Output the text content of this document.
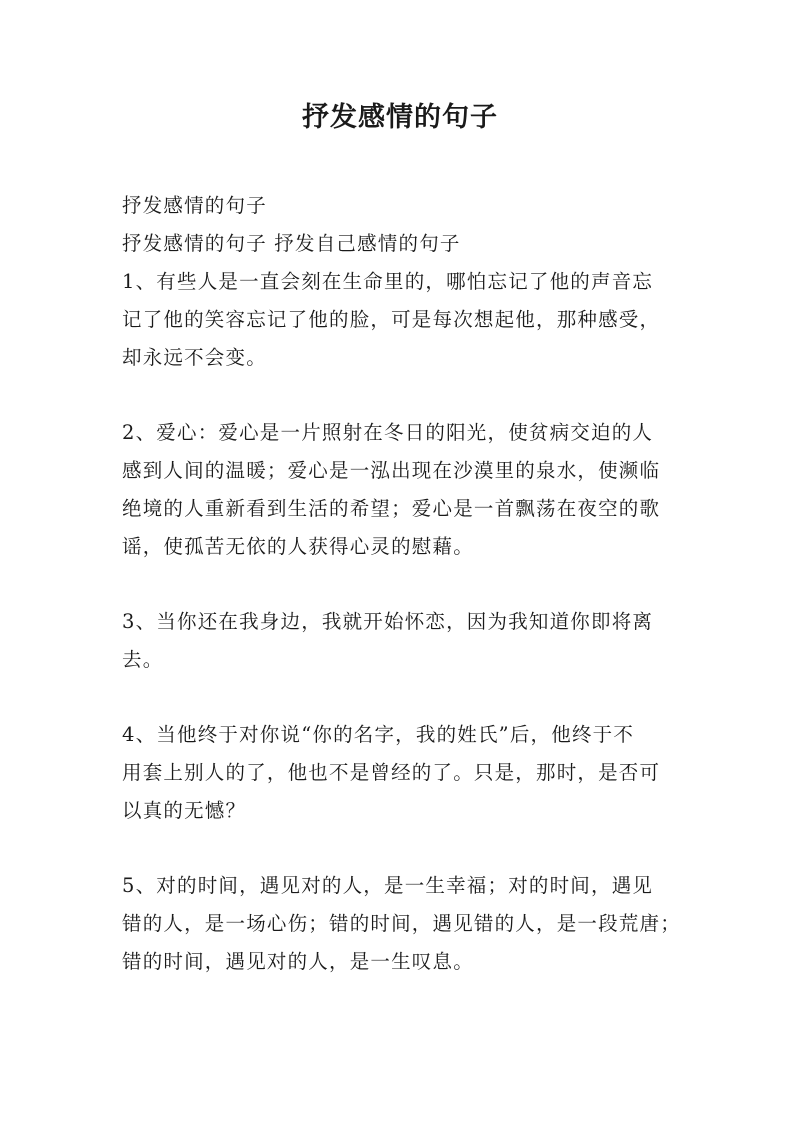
抒发感情的句子
抒发感情的句子
抒发感情的句子 抒发自己感情的句子
1、有些人是一直会刻在生命里的，哪怕忘记了他的声音忘
记了他的笑容忘记了他的脸，可是每次想起他，那种感受，
却永远不会变。
2、爱心：爱心是一片照射在冬日的阳光，使贫病交迫的人
感到人间的温暖；爱心是一泓出现在沙漠里的泉水，使濒临
绝境的人重新看到生活的希望；爱心是一首飘荡在夜空的歌
谣，使孤苦无依的人获得心灵的慰藉。
3、当你还在我身边，我就开始怀恋，因为我知道你即将离
去。
4、当他终于对你说“你的名字，我的姓氏”后，他终于不
用套上别人的了，他也不是曾经的了。只是，那时，是否可
以真的无憾？
5、对的时间，遇见对的人，是一生幸福；对的时间，遇见
错的人，是一场心伤；错的时间，遇见错的人，是一段荒唐；
错的时间，遇见对的人，是一生叹息。
